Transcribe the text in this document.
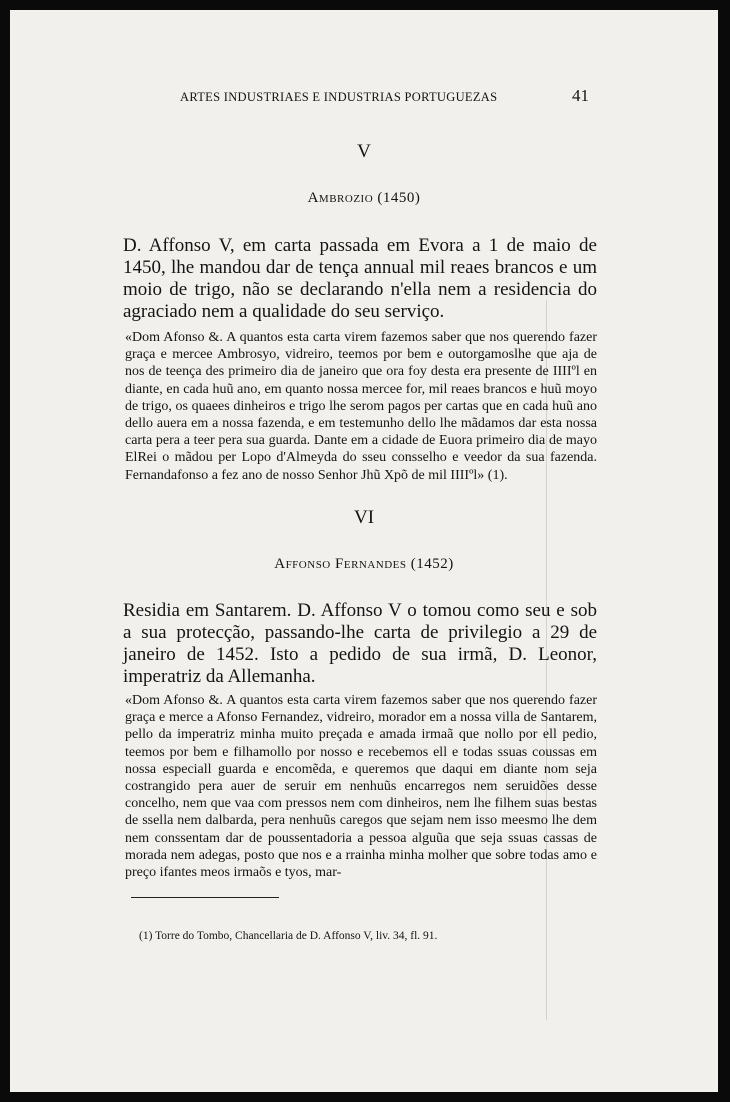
ARTES INDUSTRIAES E INDUSTRIAS PORTUGUEZAS	41
V
Ambrozio (1450)

D. Affonso V, em carta passada em Evora a 1 de maio de 1450, lhe mandou dar de tença annual mil reaes brancos e um moio de trigo, não se declarando n'ella nem a residencia do agraciado nem a qualidade do seu serviço.

«Dom Afonso &. A quantos esta carta virem fazemos saber que nos querendo fazer graça e mercee Ambrosyo, vidreiro, teemos por bem e outorgamoslhe que aja de nos de teença des primeiro dia de janeiro que ora foy desta era presente de IIIIºl en diante, en cada huũ ano, em quanto nossa mercee for, mil reaes brancos e huũ moyo de trigo, os quaees dinheiros e trigo lhe serom pagos per cartas que en cada huũ ano dello auera em a nossa fazenda, e em testemunho dello lhe mãdamos dar esta nossa carta pera a teer pera sua guarda. Dante em a cidade de Euora primeiro dia de mayo ElRei o mãdou per Lopo d'Almeyda do sseu consselho e veedor da sua fazenda. Fernandafonso a fez ano de nosso Senhor Jhũ Xpõ de mil IIIIºl» (1).

VI
Affonso Fernandes (1452)

Residia em Santarem. D. Affonso V o tomou como seu e sob a sua protecção, passando-lhe carta de privilegio a 29 de janeiro de 1452. Isto a pedido de sua irmã, D. Leonor, imperatriz da Allemanha.

«Dom Afonso &. A quantos esta carta virem fazemos saber que nos querendo fazer graça e merce a Afonso Fernandez, vidreiro, morador em a nossa villa de Santarem, pello da imperatriz minha muito preçada e amada irmaã que nollo por ell pedio, teemos por bem e filhamollo por nosso e recebemos ell e todas ssuas coussas em nossa especiall guarda e encomẽda, e queremos que daqui em diante nom seja costrangido pera auer de seruir em nenhuũs encarregos nem seruidões desse concelho, nem que vaa com pressos nem com dinheiros, nem lhe filhem suas bestas de ssella nem dalbarda, pera nenhuũs caregos que sejam nem isso meesmo lhe dem nem conssentam dar de poussentadoria a pessoa alguũa que seja ssuas cassas de morada nem adegas, posto que nos e a rrainha minha molher que sobre todas amo e preço ifantes meos irmaõs e tyos, mar-

(1) Torre do Tombo, Chancellaria de D. Affonso V, liv. 34, fl. 91.
